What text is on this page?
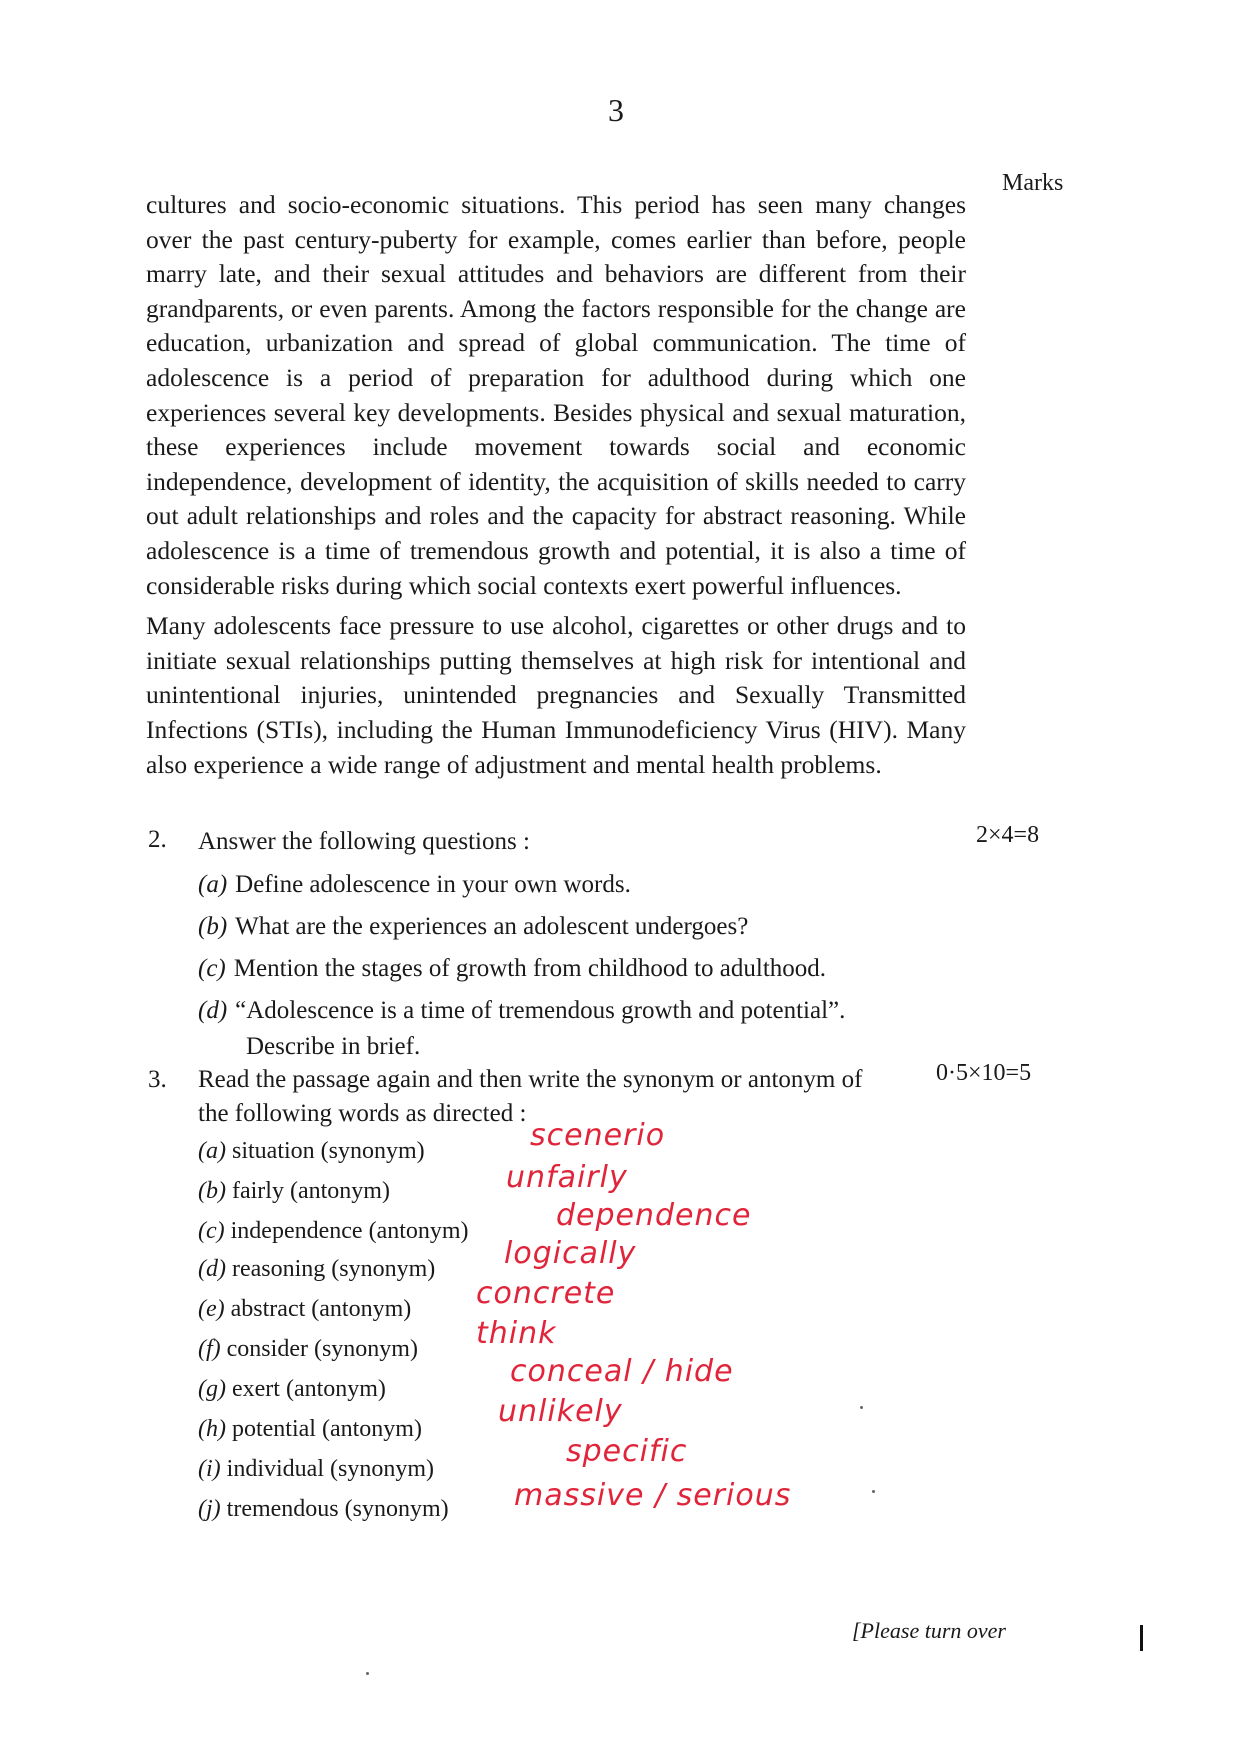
3
Marks

cultures and socio-economic situations. This period has seen many changes over the past century-puberty for example, comes earlier than before, people marry late, and their sexual attitudes and behaviors are different from their grandparents, or even parents. Among the factors responsible for the change are education, urbanization and spread of global communication. The time of adolescence is a period of preparation for adulthood during which one experiences several key developments. Besides physical and sexual maturation, these experiences include movement towards social and economic independence, development of identity, the acquisition of skills needed to carry out adult relationships and roles and the capacity for abstract reasoning. While adolescence is a time of tremendous growth and potential, it is also a time of considerable risks during which social contexts exert powerful influences.

Many adolescents face pressure to use alcohol, cigarettes or other drugs and to initiate sexual relationships putting themselves at high risk for intentional and unintentional injuries, unintended pregnancies and Sexually Transmitted Infections (STIs), including the Human Immunodeficiency Virus (HIV). Many also experience a wide range of adjustment and mental health problems.

2. Answer the following questions :	2×4=8
(a) Define adolescence in your own words.
(b) What are the experiences an adolescent undergoes?
(c) Mention the stages of growth from childhood to adulthood.
(d) “Adolescence is a time of tremendous growth and potential”.
Describe in brief.
3. Read the passage again and then write the synonym or antonym of
the following words as directed :
0·5×10=5
(a) situation (synonym)	scenerio
(b) fairly (antonym)	unfairly
(c) independence (antonym)	dependence
(d) reasoning (synonym) logically
(e) abstract (antonym) concrete
(f) consider (synonym) think
(g) exert (antonym)	conceal / hide
(h) potential (antonym)	unlikely
(i) individual (synonym)	specific
(j) tremendous (synonym) massive / serious
[Please turn over
